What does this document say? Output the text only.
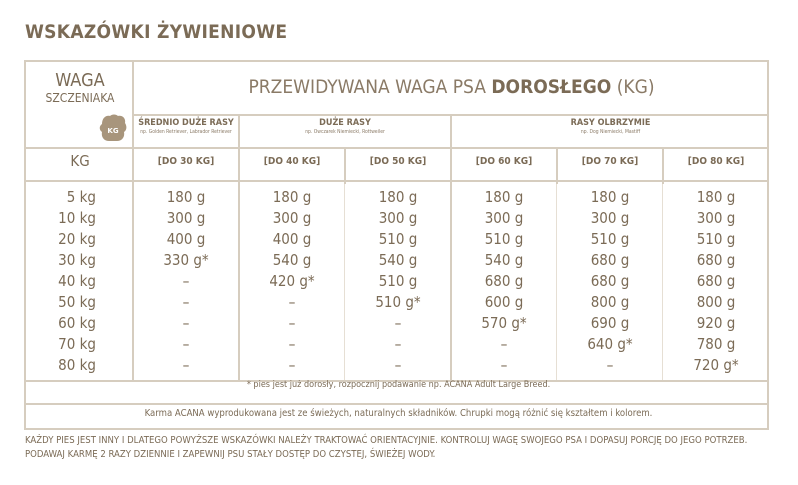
WSKAZÓWKI ŻYWIENIOWE
WAGA
SZCZENIAKA
KG
PRZEWIDYWANA WAGA PSA DOROSŁEGO (KG)
ŚREDNIO DUŻE RASY
np. Golden Retriever, Labrador Retriever
DUŻE RASY
np. Owczarek Niemiecki, Rottweiler
RASY OLBRZYMIE
np. Dog Niemiecki, Mastiff
KG	[DO 30 KG]	[DO 40 KG]	[DO 50 KG]	[DO 60 KG]	[DO 70 KG]	[DO 80 KG]
5 kg	180 g	180 g	180 g	180 g	180 g	180 g
10 kg	300 g	300 g	300 g	300 g	300 g	300 g
20 kg	400 g	400 g	510 g	510 g	510 g	510 g
30 kg	330 g*	540 g	540 g	540 g	680 g	680 g
40 kg	–	420 g*	510 g	680 g	680 g	680 g
50 kg	–	–	510 g*	600 g	800 g	800 g
60 kg	–	–	–	570 g*	690 g	920 g
70 kg	–	–	–	–	640 g*	780 g
80 kg	–	–	–	–	–	720 g*
* pies jest już dorosły, rozpocznij podawanie np. ACANA Adult Large Breed.
Karma ACANA wyprodukowana jest ze świeżych, naturalnych składników. Chrupki mogą różnić się kształtem i kolorem.
KAŻDY PIES JEST INNY I DLATEGO POWYŻSZE WSKAZÓWKI NALEŻY TRAKTOWAĆ ORIENTACYJNIE. KONTROLUJ WAGĘ SWOJEGO PSA I DOPASUJ PORCJĘ DO JEGO POTRZEB. PODAWAJ KARMĘ 2 RAZY DZIENNIE I ZAPEWNIJ PSU STAŁY DOSTĘP DO CZYSTEJ, ŚWIEŻEJ WODY.
